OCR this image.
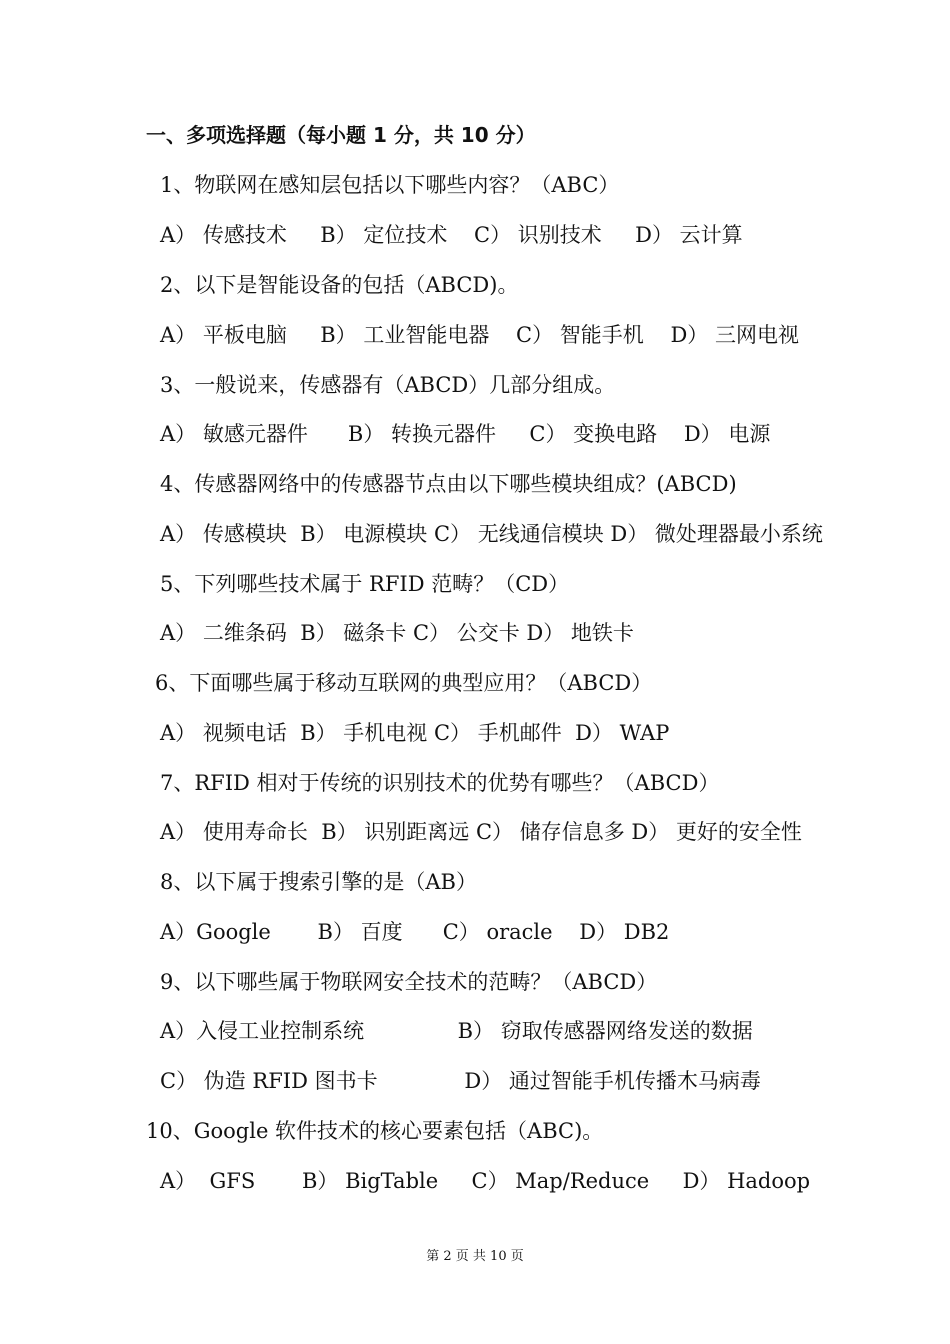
一、多项选择题（每小题 1 分，共 10 分）
1、物联网在感知层包括以下哪些内容？（ABC）
A） 传感技术     B） 定位技术    C） 识别技术     D） 云计算
2、以下是智能设备的包括（ABCD)。
A） 平板电脑     B） 工业智能电器    C） 智能手机    D） 三网电视
3、一般说来，传感器有（ABCD）几部分组成。
A） 敏感元器件      B） 转换元器件     C） 变换电路    D） 电源
4、传感器网络中的传感器节点由以下哪些模块组成？(ABCD)
A） 传感模块  B） 电源模块 C） 无线通信模块 D） 微处理器最小系统
5、下列哪些技术属于 RFID 范畴？（CD）
A） 二维条码  B） 磁条卡 C） 公交卡 D） 地铁卡
6、下面哪些属于移动互联网的典型应用？（ABCD）
A） 视频电话  B） 手机电视 C） 手机邮件  D） WAP
7、RFID 相对于传统的识别技术的优势有哪些？（ABCD）
A） 使用寿命长  B） 识别距离远 C） 储存信息多 D） 更好的安全性
8、以下属于搜索引擎的是（AB）
A）Google       B） 百度      C） oracle    D） DB2
9、以下哪些属于物联网安全技术的范畴？（ABCD）
A）入侵工业控制系统              B） 窃取传感器网络发送的数据
C） 伪造 RFID 图书卡             D） 通过智能手机传播木马病毒
10、Google 软件技术的核心要素包括（ABC)。
A）  GFS       B） BigTable     C） Map/Reduce     D） Hadoop
第 2 页 共 10 页
